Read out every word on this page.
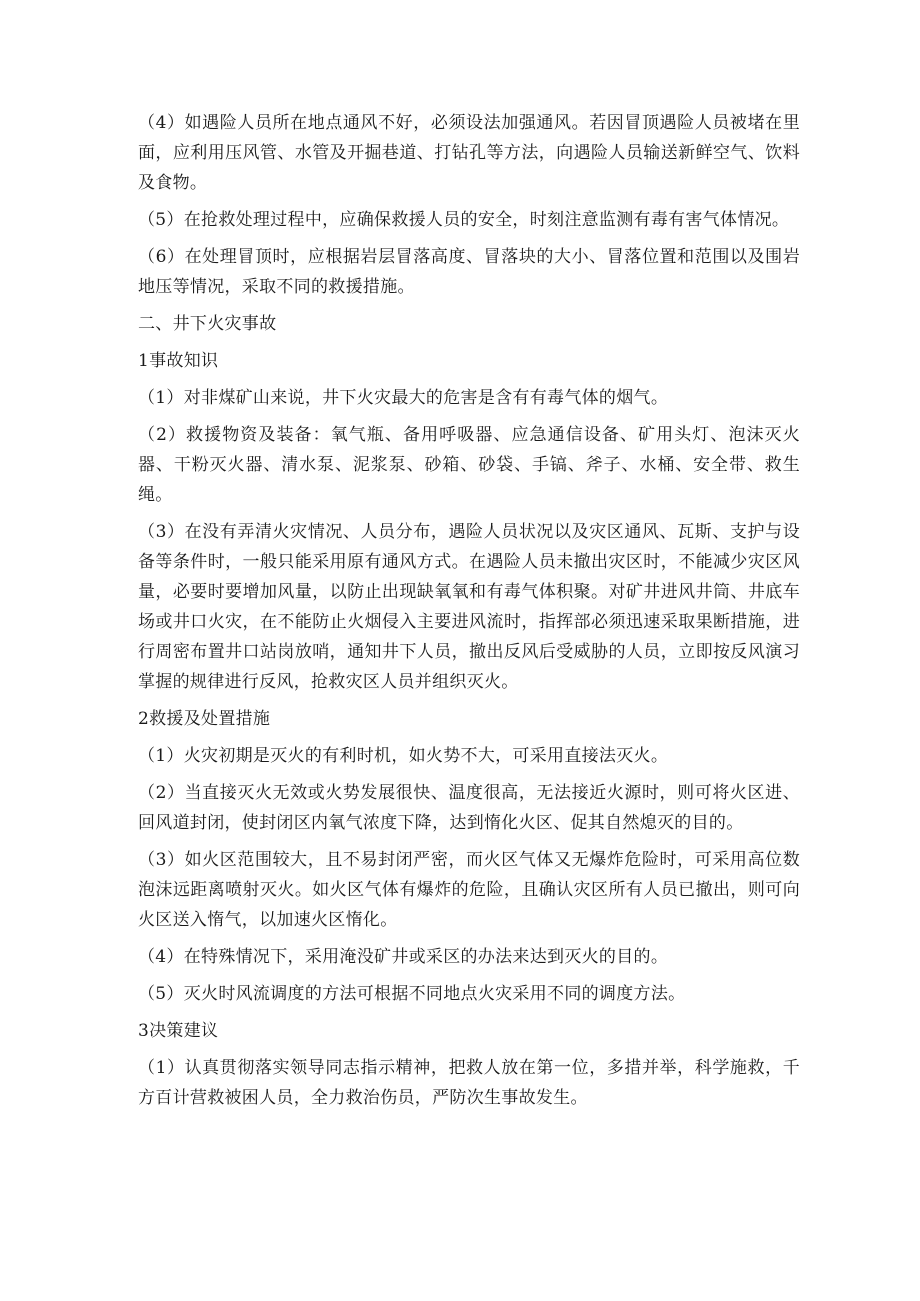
（4）如遇险人员所在地点通风不好，必须设法加强通风。若因冒顶遇险人员被堵在里面，应利用压风管、水管及开掘巷道、打钻孔等方法，向遇险人员输送新鲜空气、饮料及食物。

（5）在抢救处理过程中，应确保救援人员的安全，时刻注意监测有毒有害气体情况。

（6）在处理冒顶时，应根据岩层冒落高度、冒落块的大小、冒落位置和范围以及围岩地压等情况，采取不同的救援措施。

二、井下火灾事故

1事故知识

（1）对非煤矿山来说，井下火灾最大的危害是含有有毒气体的烟气。

（2）救援物资及装备：氧气瓶、备用呼吸器、应急通信设备、矿用头灯、泡沫灭火器、干粉灭火器、清水泵、泥浆泵、砂箱、砂袋、手镐、斧子、水桶、安全带、救生绳。

（3）在没有弄清火灾情况、人员分布，遇险人员状况以及灾区通风、瓦斯、支护与设备等条件时，一般只能采用原有通风方式。在遇险人员未撤出灾区时，不能减少灾区风量，必要时要增加风量，以防止出现缺氧氧和有毒气体积聚。对矿井进风井筒、井底车场或井口火灾，在不能防止火烟侵入主要进风流时，指挥部必须迅速采取果断措施，进行周密布置井口站岗放哨，通知井下人员，撤出反风后受威胁的人员，立即按反风演习掌握的规律进行反风，抢救灾区人员并组织灭火。

2救援及处置措施

（1）火灾初期是灭火的有利时机，如火势不大，可采用直接法灭火。

（2）当直接灭火无效或火势发展很快、温度很高，无法接近火源时，则可将火区进、回风道封闭，使封闭区内氧气浓度下降，达到惰化火区、促其自然熄灭的目的。

（3）如火区范围较大，且不易封闭严密，而火区气体又无爆炸危险时，可采用高位数泡沫远距离喷射灭火。如火区气体有爆炸的危险，且确认灾区所有人员已撤出，则可向火区送入惰气，以加速火区惰化。

（4）在特殊情况下，采用淹没矿井或采区的办法来达到灭火的目的。

（5）灭火时风流调度的方法可根据不同地点火灾采用不同的调度方法。

3决策建议

（1）认真贯彻落实领导同志指示精神，把救人放在第一位，多措并举，科学施救，千方百计营救被困人员，全力救治伤员，严防次生事故发生。
